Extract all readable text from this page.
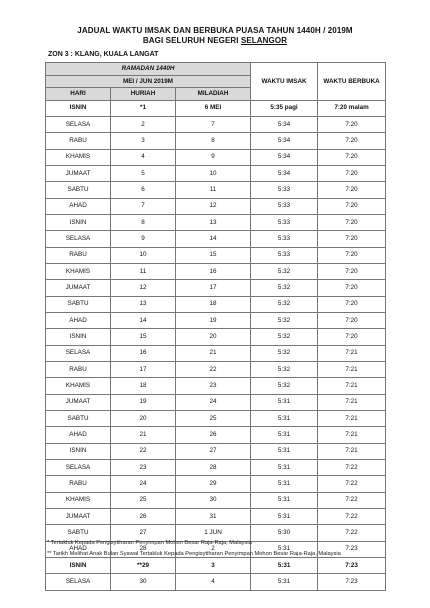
JADUAL WAKTU IMSAK DAN BERBUKA PUASA TAHUN 1440H / 2019M
BAGI SELURUH NEGERI SELANGOR
ZON 3 : KLANG, KUALA LANGAT
RAMADAN 1440H			WAKTU IMSAK	WAKTU BERBUKA
MEI / JUN 2019M				
HARI	HURIAH	MILADIAH		
ISNIN	*1	6 MEI	5:35 pagi	7:20 malam
SELASA	2	7	5:34	7:20
RABU	3	8	5:34	7:20
KHAMIS	4	9	5:34	7:20
JUMAAT	5	10	5:34	7:20
SABTU	6	11	5:33	7:20
AHAD	7	12	5:33	7:20
ISNIN	8	13	5:33	7:20
SELASA	9	14	5:33	7:20
RABU	10	15	5:33	7:20
KHAMIS	11	16	5:32	7:20
JUMAAT	12	17	5:32	7:20
SABTU	13	18	5:32	7:20
AHAD	14	19	5:32	7:20
ISNIN	15	20	5:32	7:20
SELASA	16	21	5:32	7:21
RABU	17	22	5:32	7:21
KHAMIS	18	23	5:32	7:21
JUMAAT	19	24	5:31	7:21
SABTU	20	25	5:31	7:21
AHAD	21	26	5:31	7:21
ISNIN	22	27	5:31	7:21
SELASA	23	28	5:31	7:22
RABU	24	29	5:31	7:22
KHAMIS	25	30	5:31	7:22
JUMAAT	26	31	5:31	7:22
SABTU	27	1 JUN	5:30	7:22
AHAD	28	2	5:31	7:23
ISNIN	**29	3	5:31	7:23
SELASA	30	4	5:31	7:23
* Tertakluk Kepada Pengisytiharan Penyimpan Mohon Besar Raja-Raja, Malaysia
** Tarikh Melihat Anak Bulan Syawal Tertakluk Kepada Pengisytiharan Penyimpan Mohon Besar Raja-Raja, Malaysia
